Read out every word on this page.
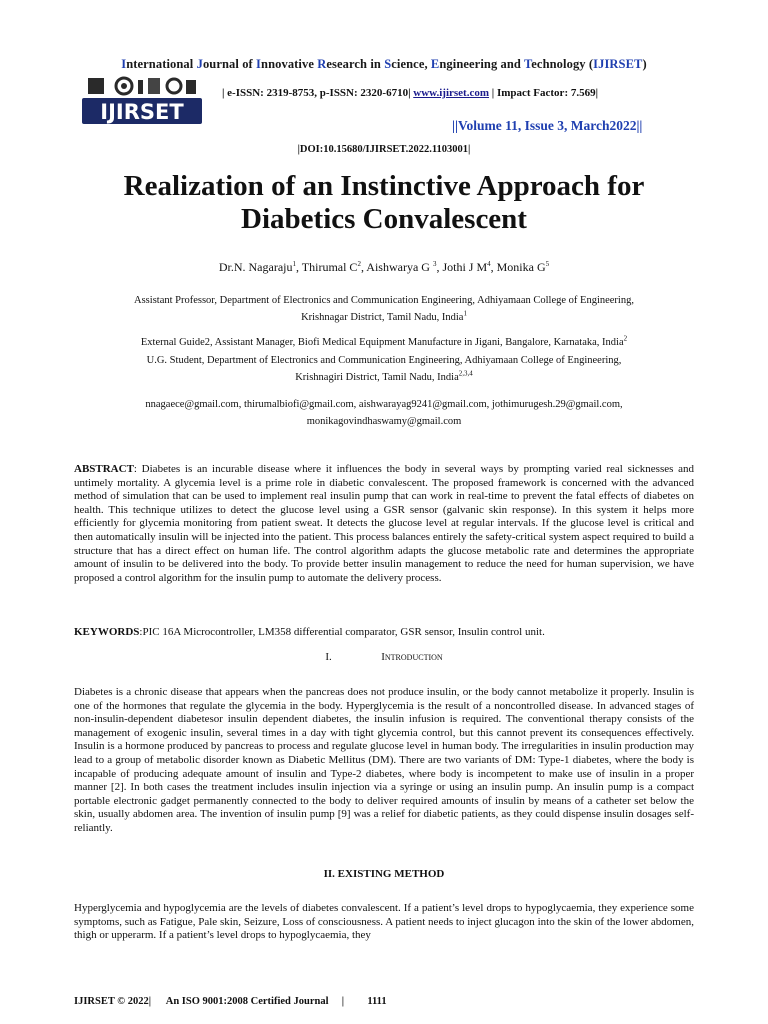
International Journal of Innovative Research in Science, Engineering and Technology (IJIRSET)
IJIRSET
| e-ISSN: 2319-8753, p-ISSN: 2320-6710| www.ijirset.com | Impact Factor: 7.569|
||Volume 11, Issue 3, March2022||
|DOI:10.15680/IJIRSET.2022.1103001|
Realization of an Instinctive Approach for
Diabetics Convalescent
Dr.N. Nagaraju$^1$, Thirumal $C^2$, Aishwarya G $^3$, Jothi J $M^4$, Monika $G^5$
Assistant Professor, Department of Electronics and Communication Engineering, Adhiyamaan College of Engineering,
Krishnagar District, Tamil Nadu, India$^1$
External Guide2, Assistant Manager, Biofi Medical Equipment Manufacture in Jigani, Bangalore, Karnataka, India$^2$
U.G. Student, Department of Electronics and Communication Engineering, Adhiyamaan College of Engineering,
Krishnagiri District, Tamil Nadu, India$^{2,3,4}$
nnagaece@gmail.com, thirumalbiofi@gmail.com, aishwarayag9241@gmail.com, jothimurugesh.29@gmail.com,
monikagovindhaswamy@gmail.com
ABSTRACT: Diabetes is an incurable disease where it influences the body in several ways by prompting varied real sicknesses and untimely mortality. A glycemia level is a prime role in diabetic convalescent. The proposed framework is concerned with the advanced method of simulation that can be used to implement real insulin pump that can work in real-time to prevent the fatal effects of diabetes on health. This technique utilizes to detect the glucose level using a GSR sensor (galvanic skin response). In this system it helps more efficiently for glycemia monitoring from patient sweat. It detects the glucose level at regular intervals. If the glucose level is critical and then automatically insulin will be injected into the patient. This process balances entirely the safety-critical system aspect required to build a structure that has a direct effect on human life. The control algorithm adapts the glucose metabolic rate and determines the appropriate amount of insulin to be delivered into the body. To provide better insulin management to reduce the need for human supervision, we have proposed a control algorithm for the insulin pump to automate the delivery process.
KEYWORDS:PIC 16A Microcontroller, LM358 differential comparator, GSR sensor, Insulin control unit.
I.	Introduction
Diabetes is a chronic disease that appears when the pancreas does not produce insulin, or the body cannot metabolize it properly. Insulin is one of the hormones that regulate the glycemia in the body. Hyperglycemia is the result of a noncontrolled disease. In advanced stages of non-insulin-dependent diabetesor insulin dependent diabetes, the insulin infusion is required. The conventional therapy consists of the management of exogenic insulin, several times in a day with tight glycemia control, but this cannot prevent its consequences effectively. Insulin is a hormone produced by pancreas to process and regulate glucose level in human body. The irregularities in insulin production may lead to a group of metabolic disorder known as Diabetic Mellitus (DM). There are two variants of DM: Type-1 diabetes, where the body is incapable of producing adequate amount of insulin and Type-2 diabetes, where body is incompetent to make use of insulin in a proper manner [2]. In both cases the treatment includes insulin injection via a syringe or using an insulin pump. An insulin pump is a compact portable electronic gadget permanently connected to the body to deliver required amounts of insulin by means of a catheter set below the skin, usually abdomen area. The invention of insulin pump [9] was a relief for diabetic patients, as they could dispense insulin dosages self-reliantly.
II. EXISTING METHOD
Hyperglycemia and hypoglycemia are the levels of diabetes convalescent. If a patient’s level drops to hypoglycaemia, they experience some symptoms, such as Fatigue, Pale skin, Seizure, Loss of consciousness. A patient needs to inject glucagon into the skin of the lower abdomen, thigh or upperarm. If a patient’s level drops to hypoglycaemia, they
IJIRSET © 2022| An ISO 9001:2008 Certified Journal | 1111
